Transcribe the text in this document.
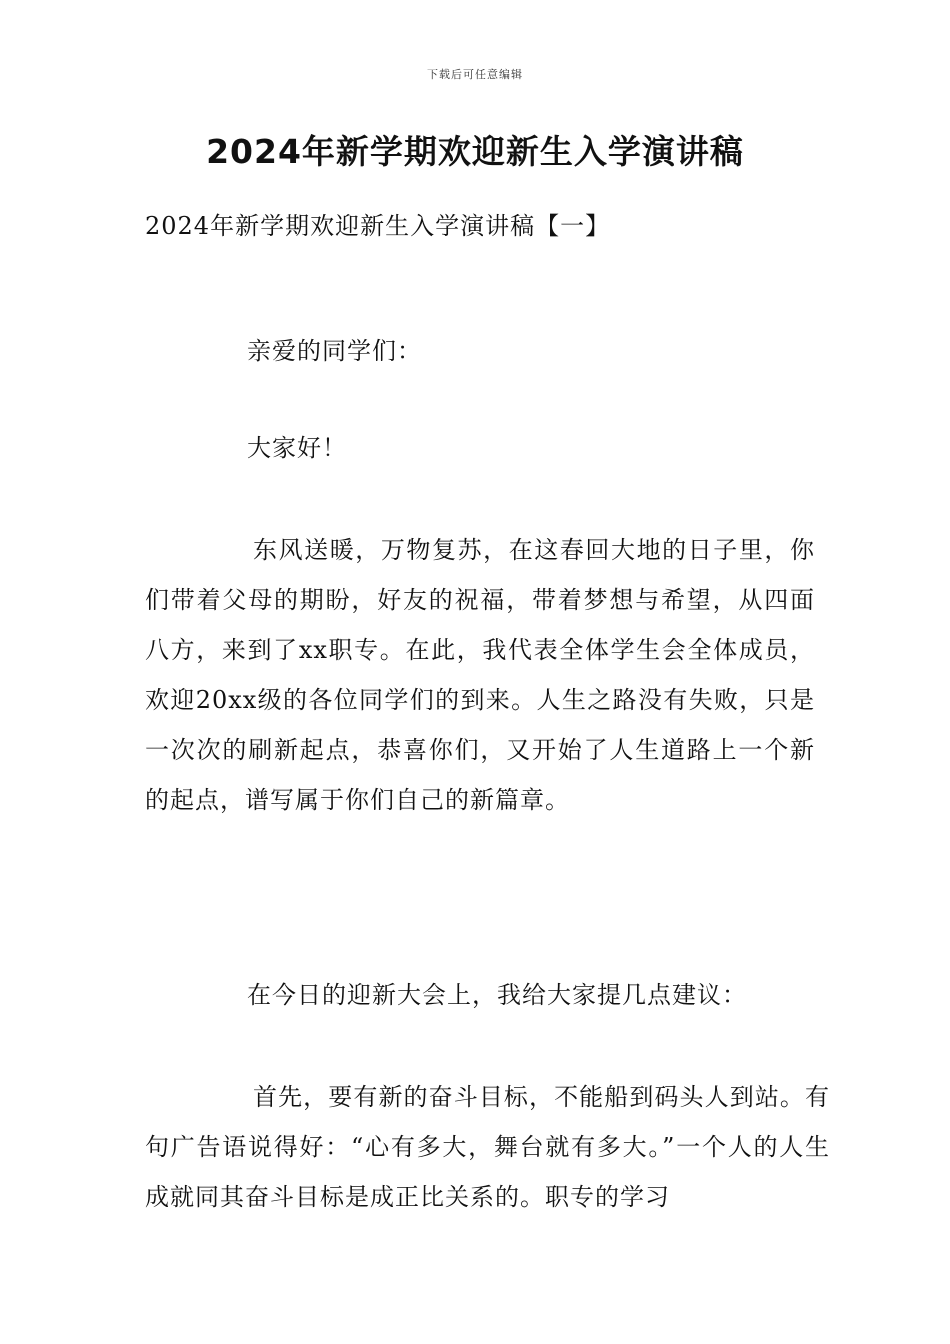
下载后可任意编辑
2024年新学期欢迎新生入学演讲稿

2024年新学期欢迎新生入学演讲稿【一】

亲爱的同学们：

大家好！

东风送暖，万物复苏，在这春回大地的日子里，你们带着父母的期盼，好友的祝福，带着梦想与希望，从四面八方，来到了xx职专。在此，我代表全体学生会全体成员，欢迎20xx级的各位同学们的到来。人生之路没有失败，只是一次次的刷新起点，恭喜你们，又开始了人生道路上一个新的起点，谱写属于你们自己的新篇章。

在今日的迎新大会上，我给大家提几点建议：

首先，要有新的奋斗目标，不能船到码头人到站。有句广告语说得好：“心有多大，舞台就有多大。”一个人的人生成就同其奋斗目标是成正比关系的。职专的学习
